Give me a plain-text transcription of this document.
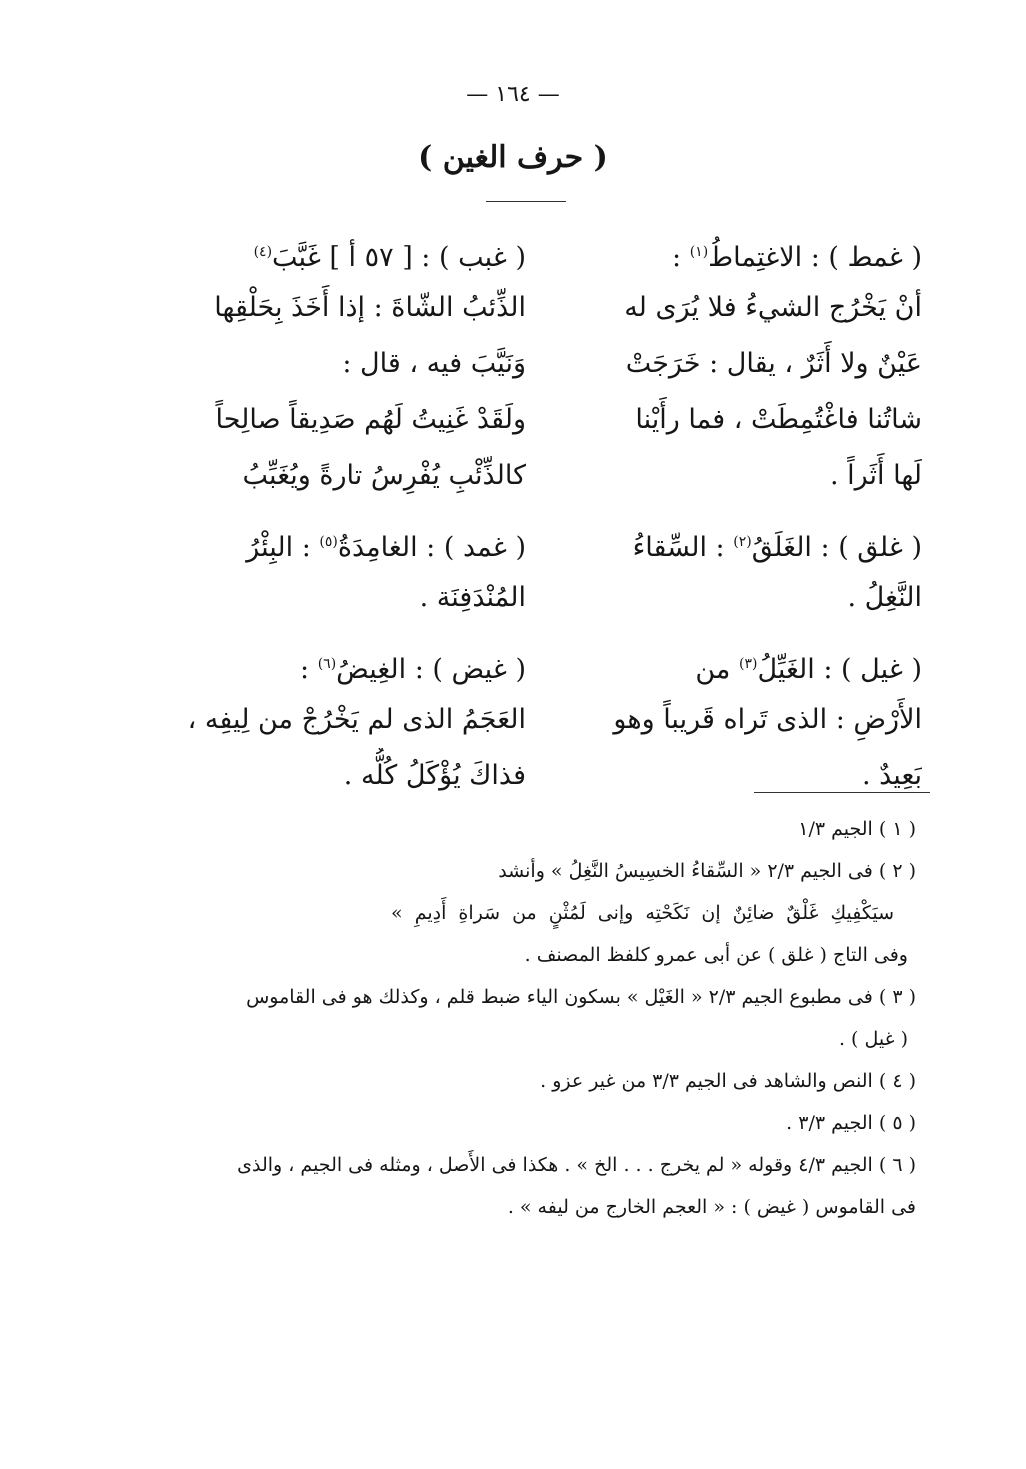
— ١٦٤ —
( حرف الغين )
( غمط ) : الاغتِماطُ$^{(١)}$ :
أنْ يَخْرُج الشيءُ فلا يُرَى له
عَيْنٌ ولا أَثَرٌ ، يقال : خَرَجَتْ
شاتُنا فاغْتُمِطَتْ ، فما رأَيْنا
لَها أَثَراً .
( غلق ) : الغَلَقُ$^{(٢)}$ : السِّقاءُ
النَّغِلُ .
( غيل ) : الغَيِّلُ$^{(٣)}$ من
الأَرْضِ : الذى تَراه قَريباً وهو
بَعِيدٌ .
( غبب ) : [ ٥٧ أ ] غَبَّبَ$^{(٤)}$
الذِّئبُ الشّاةَ : إذا أَخَذَ بِحَلْقِها
وَنَيَّبَ فيه ، قال :
ولَقَدْ غَنِيتُ لَهُم صَدِيقاً صالِحاً
كالذِّئْبِ يُفْرِسُ تارةً ويُغَبِّبُ
( غمد ) : الغامِدَةُ$^{(٥)}$ : البِئْرُ
المُنْدَفِنَة .
( غيض ) : الغِيضُ$^{(٦)}$ :
العَجَمُ الذى لم يَخْرُجْ من لِيفِه ،
فذاكَ يُؤْكَلُ كُلُّه .
( ١ ) الجيم ١/٣
( ٢ ) فى الجيم ٢/٣ « السِّقاءُ الخسِيسُ النَّغِلُ » وأنشد
سيَكْفِيكِ غَلْقٌ ضائِنٌ إن نَكَحْتِه وإنى لَمُثْنٍ من سَراةِ أَدِيمِ »
وفى التاج ( غلق ) عن أبى عمرو كلفظ المصنف .
( ٣ ) فى مطبوع الجيم ٢/٣ « الغَيْل » بسكون الياء ضبط قلم ، وكذلك هو فى القاموس
( غيل ) .
( ٤ ) النص والشاهد فى الجيم ٣/٣ من غير عزو .
( ٥ ) الجيم ٣/٣ .
( ٦ ) الجيم ٤/٣ وقوله « لم يخرج . . . الخ » . هكذا فى الأَصل ، ومثله فى الجيم ، والذى
فى القاموس ( غيض ) : « العجم الخارج من ليفه » .
